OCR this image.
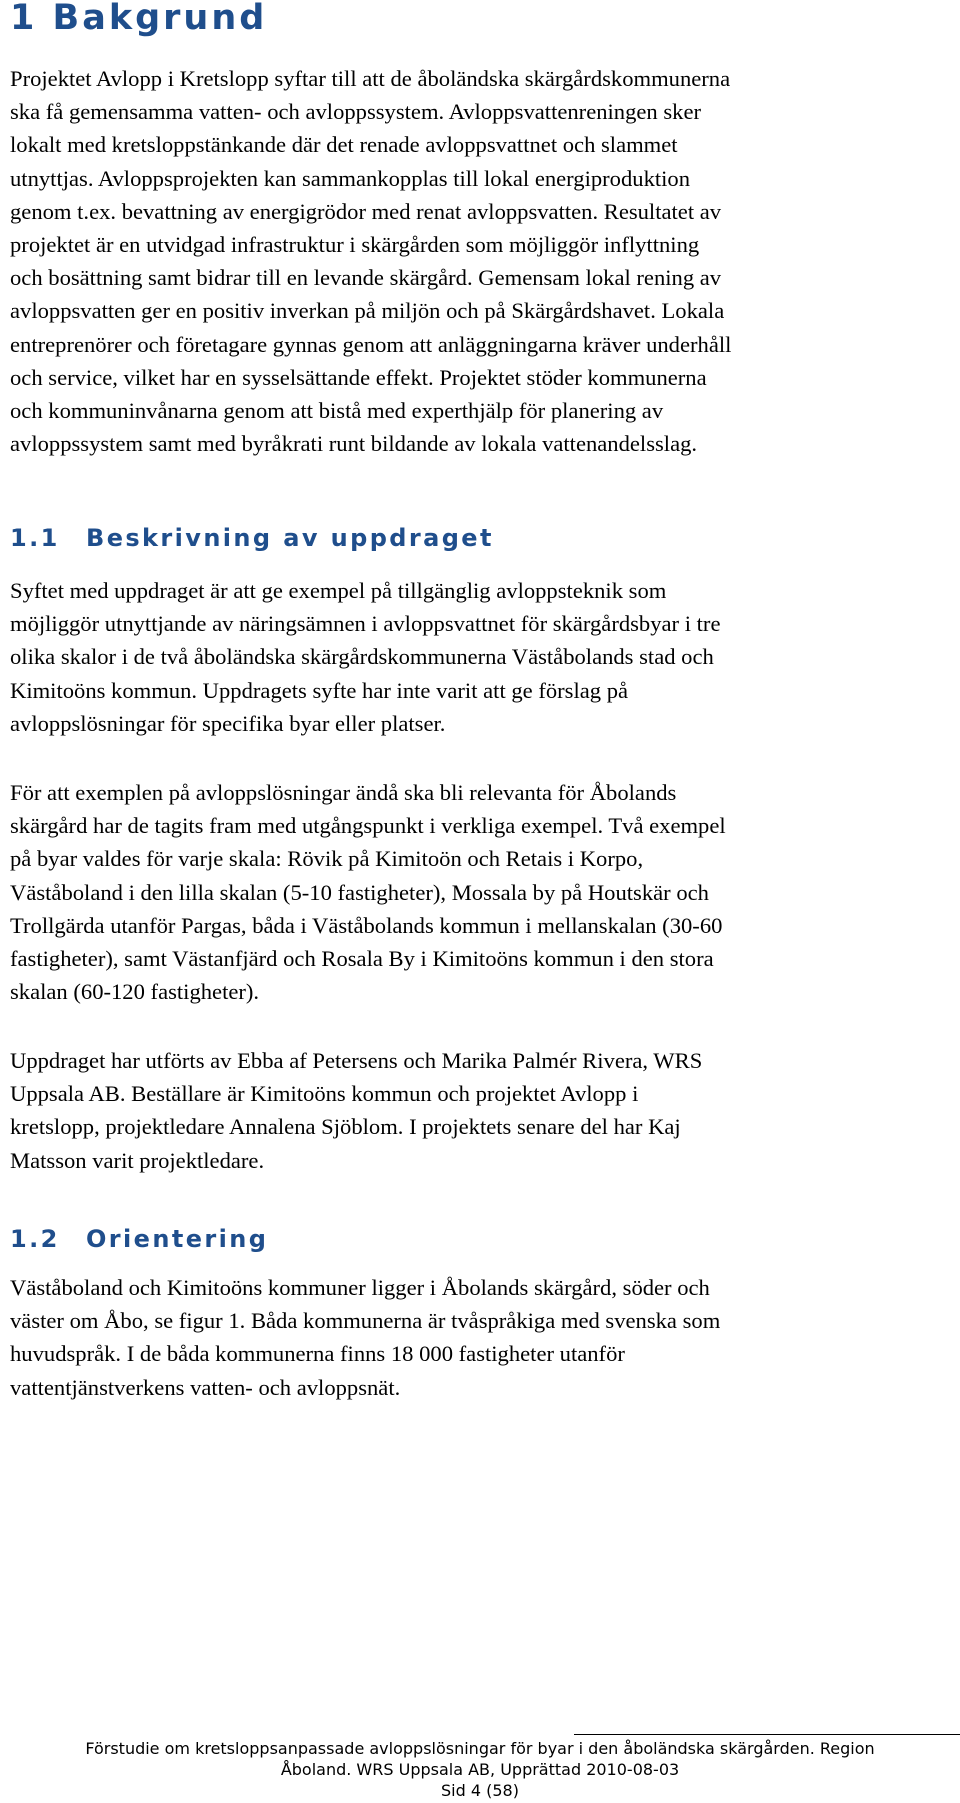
1 Bakgrund
Projektet Avlopp i Kretslopp syftar till att de åboländska skärgårdskommunerna
ska få gemensamma vatten- och avloppssystem. Avloppsvattenreningen sker
lokalt med kretsloppstänkande där det renade avloppsvattnet och slammet
utnyttjas. Avloppsprojekten kan sammankopplas till lokal energiproduktion
genom t.ex. bevattning av energigrödor med renat avloppsvatten. Resultatet av
projektet är en utvidgad infrastruktur i skärgården som möjliggör inflyttning
och bosättning samt bidrar till en levande skärgård. Gemensam lokal rening av
avloppsvatten ger en positiv inverkan på miljön och på Skärgårdshavet. Lokala
entreprenörer och företagare gynnas genom att anläggningarna kräver underhåll
och service, vilket har en sysselsättande effekt. Projektet stöder kommunerna
och kommuninvånarna genom att bistå med experthjälp för planering av
avloppssystem samt med byråkrati runt bildande av lokala vattenandelsslag.
1.1 Beskrivning av uppdraget
Syftet med uppdraget är att ge exempel på tillgänglig avloppsteknik som
möjliggör utnyttjande av näringsämnen i avloppsvattnet för skärgårdsbyar i tre
olika skalor i de två åboländska skärgårdskommunerna Väståbolands stad och
Kimitoöns kommun. Uppdragets syfte har inte varit att ge förslag på
avloppslösningar för specifika byar eller platser.
För att exemplen på avloppslösningar ändå ska bli relevanta för Åbolands
skärgård har de tagits fram med utgångspunkt i verkliga exempel. Två exempel
på byar valdes för varje skala: Rövik på Kimitoön och Retais i Korpo,
Väståboland i den lilla skalan (5-10 fastigheter), Mossala by på Houtskär och
Trollgärda utanför Pargas, båda i Väståbolands kommun i mellanskalan (30-60
fastigheter), samt Västanfjärd och Rosala By i Kimitoöns kommun i den stora
skalan (60-120 fastigheter).
Uppdraget har utförts av Ebba af Petersens och Marika Palmér Rivera, WRS
Uppsala AB. Beställare är Kimitoöns kommun och projektet Avlopp i
kretslopp, projektledare Annalena Sjöblom. I projektets senare del har Kaj
Matsson varit projektledare.
1.2 Orientering
Väståboland och Kimitoöns kommuner ligger i Åbolands skärgård, söder och
väster om Åbo, se figur 1. Båda kommunerna är tvåspråkiga med svenska som
huvudspråk. I de båda kommunerna finns 18 000 fastigheter utanför
vattentjänstverkens vatten- och avloppsnät.
Förstudie om kretsloppsanpassade avloppslösningar för byar i den åboländska skärgården. Region
Åboland. WRS Uppsala AB, Upprättad 2010-08-03
Sid 4 (58)
